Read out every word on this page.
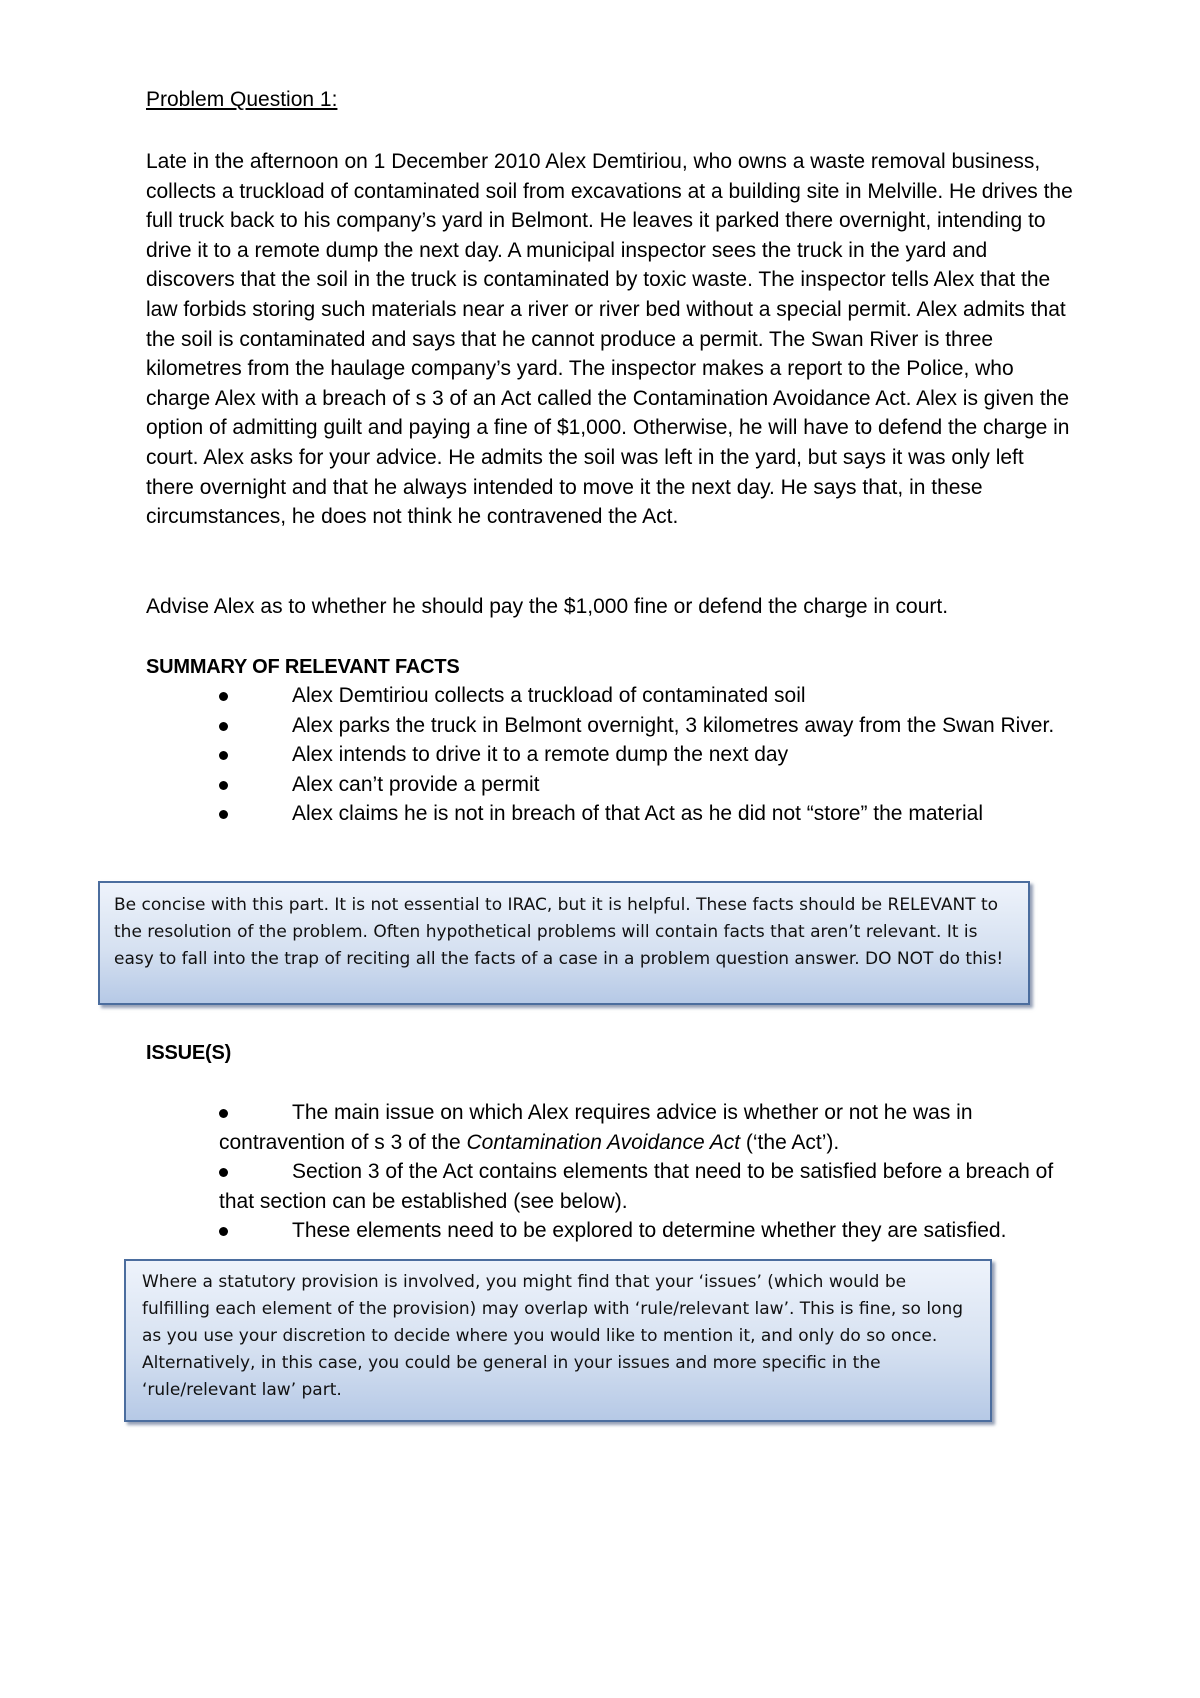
Problem Question 1:

Late in the afternoon on 1 December 2010 Alex Demtiriou, who owns a waste removal business, collects a truckload of contaminated soil from excavations at a building site in Melville. He drives the full truck back to his company’s yard in Belmont. He leaves it parked there overnight, intending to drive it to a remote dump the next day. A municipal inspector sees the truck in the yard and discovers that the soil in the truck is contaminated by toxic waste. The inspector tells Alex that the law forbids storing such materials near a river or river bed without a special permit. Alex admits that the soil is contaminated and says that he cannot produce a permit. The Swan River is three kilometres from the haulage company’s yard. The inspector makes a report to the Police, who charge Alex with a breach of s 3 of an Act called the Contamination Avoidance Act. Alex is given the option of admitting guilt and paying a fine of $1,000. Otherwise, he will have to defend the charge in court. Alex asks for your advice. He admits the soil was left in the yard, but says it was only left there overnight and that he always intended to move it the next day. He says that, in these circumstances, he does not think he contravened the Act.

Advise Alex as to whether he should pay the $1,000 fine or defend the charge in court.

SUMMARY OF RELEVANT FACTS
Alex Demtiriou collects a truckload of contaminated soil
Alex parks the truck in Belmont overnight, 3 kilometres away from the Swan River.
Alex intends to drive it to a remote dump the next day
Alex can’t provide a permit
Alex claims he is not in breach of that Act as he did not “store” the material

Be concise with this part. It is not essential to IRAC, but it is helpful. These facts should be RELEVANT to the resolution of the problem. Often hypothetical problems will contain facts that aren’t relevant. It is easy to fall into the trap of reciting all the facts of a case in a problem question answer. DO NOT do this!

ISSUE(S)
The main issue on which Alex requires advice is whether or not he was in contravention of s 3 of the Contamination Avoidance Act (‘the Act’).
Section 3 of the Act contains elements that need to be satisfied before a breach of that section can be established (see below).
These elements need to be explored to determine whether they are satisfied.

Where a statutory provision is involved, you might find that your ‘issues’ (which would be fulfilling each element of the provision) may overlap with ‘rule/relevant law’. This is fine, so long as you use your discretion to decide where you would like to mention it, and only do so once. Alternatively, in this case, you could be general in your issues and more specific in the ‘rule/relevant law’ part.
